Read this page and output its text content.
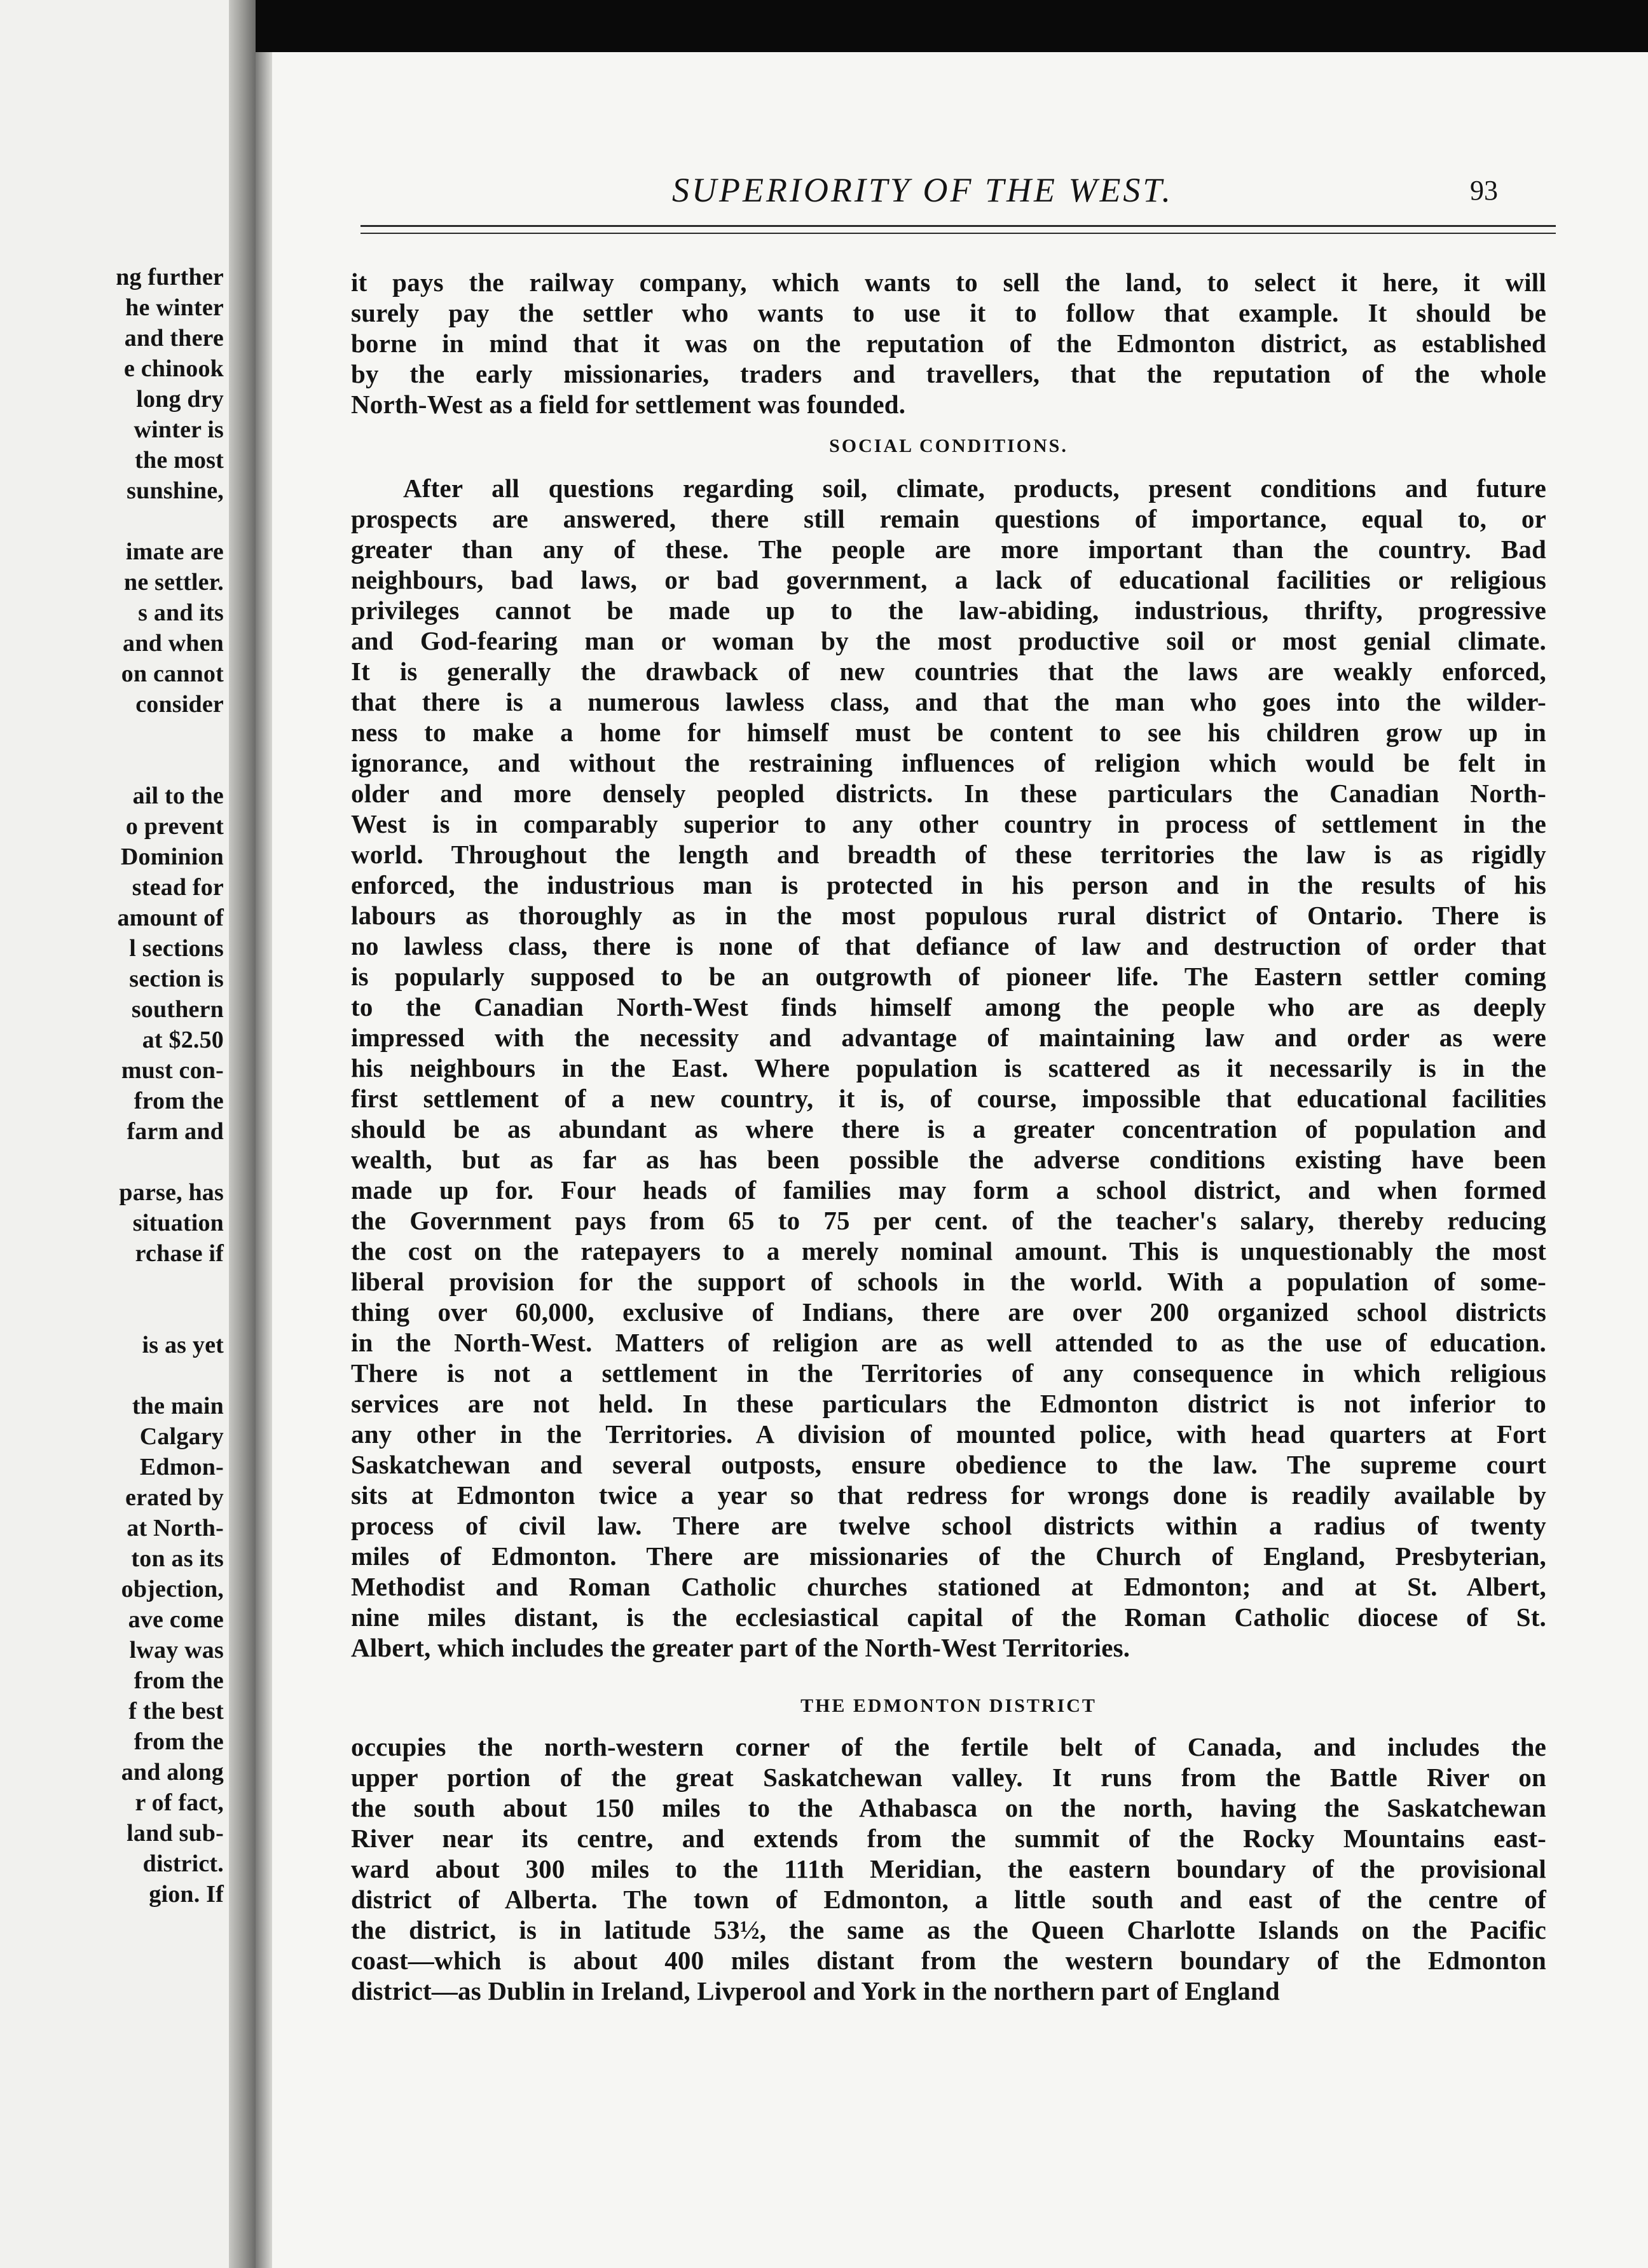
ng further
he winter
and there
e chinook
long dry
winter is
the most
sunshine,
imate are
ne settler.
s and its
and when
on cannot
consider
ail to the
o prevent
Dominion
stead for
amount of
l sections
section is
southern
at $2.50
must con-
from the
farm and
parse, has
situation
rchase if
is as yet
the main
Calgary
Edmon-
erated by
at North-
ton as its
objection,
ave come
lway was
from the
f the best
from the
and along
r of fact,
land sub-
district.
gion. If
SUPERIORITY OF THE WEST.	93
it pays the railway company, which wants to sell the land, to select it here, it will
surely pay the settler who wants to use it to follow that example. It should be
borne in mind that it was on the reputation of the Edmonton district, as established
by the early missionaries, traders and travellers, that the reputation of the whole
North-West as a field for settlement was founded.
SOCIAL CONDITIONS.
After all questions regarding soil, climate, products, present conditions and future
prospects are answered, there still remain questions of importance, equal to, or
greater than any of these. The people are more important than the country. Bad
neighbours, bad laws, or bad government, a lack of educational facilities or religious
privileges cannot be made up to the law-abiding, industrious, thrifty, progressive
and God-fearing man or woman by the most productive soil or most genial climate.
It is generally the drawback of new countries that the laws are weakly enforced,
that there is a numerous lawless class, and that the man who goes into the wilder-
ness to make a home for himself must be content to see his children grow up in
ignorance, and without the restraining influences of religion which would be felt in
older and more densely peopled districts. In these particulars the Canadian North-
West is in comparably superior to any other country in process of settlement in the
world. Throughout the length and breadth of these territories the law is as rigidly
enforced, the industrious man is protected in his person and in the results of his
labours as thoroughly as in the most populous rural district of Ontario. There is
no lawless class, there is none of that defiance of law and destruction of order that
is popularly supposed to be an outgrowth of pioneer life. The Eastern settler coming
to the Canadian North-West finds himself among the people who are as deeply
impressed with the necessity and advantage of maintaining law and order as were
his neighbours in the East. Where population is scattered as it necessarily is in the
first settlement of a new country, it is, of course, impossible that educational facilities
should be as abundant as where there is a greater concentration of population and
wealth, but as far as has been possible the adverse conditions existing have been
made up for. Four heads of families may form a school district, and when formed
the Government pays from 65 to 75 per cent. of the teacher's salary, thereby reducing
the cost on the ratepayers to a merely nominal amount. This is unquestionably the most
liberal provision for the support of schools in the world. With a population of some-
thing over 60,000, exclusive of Indians, there are over 200 organized school districts
in the North-West. Matters of religion are as well attended to as the use of education.
There is not a settlement in the Territories of any consequence in which religious
services are not held. In these particulars the Edmonton district is not inferior to
any other in the Territories. A division of mounted police, with head quarters at Fort
Saskatchewan and several outposts, ensure obedience to the law. The supreme court
sits at Edmonton twice a year so that redress for wrongs done is readily available by
process of civil law. There are twelve school districts within a radius of twenty
miles of Edmonton. There are missionaries of the Church of England, Presbyterian,
Methodist and Roman Catholic churches stationed at Edmonton; and at St. Albert,
nine miles distant, is the ecclesiastical capital of the Roman Catholic diocese of St.
Albert, which includes the greater part of the North-West Territories.
THE EDMONTON DISTRICT
occupies the north-western corner of the fertile belt of Canada, and includes the
upper portion of the great Saskatchewan valley. It runs from the Battle River on
the south about 150 miles to the Athabasca on the north, having the Saskatchewan
River near its centre, and extends from the summit of the Rocky Mountains east-
ward about 300 miles to the 111th Meridian, the eastern boundary of the provisional
district of Alberta. The town of Edmonton, a little south and east of the centre of
the district, is in latitude 53½, the same as the Queen Charlotte Islands on the Pacific
coast—which is about 400 miles distant from the western boundary of the Edmonton
district—as Dublin in Ireland, Livperool and York in the northern part of England
